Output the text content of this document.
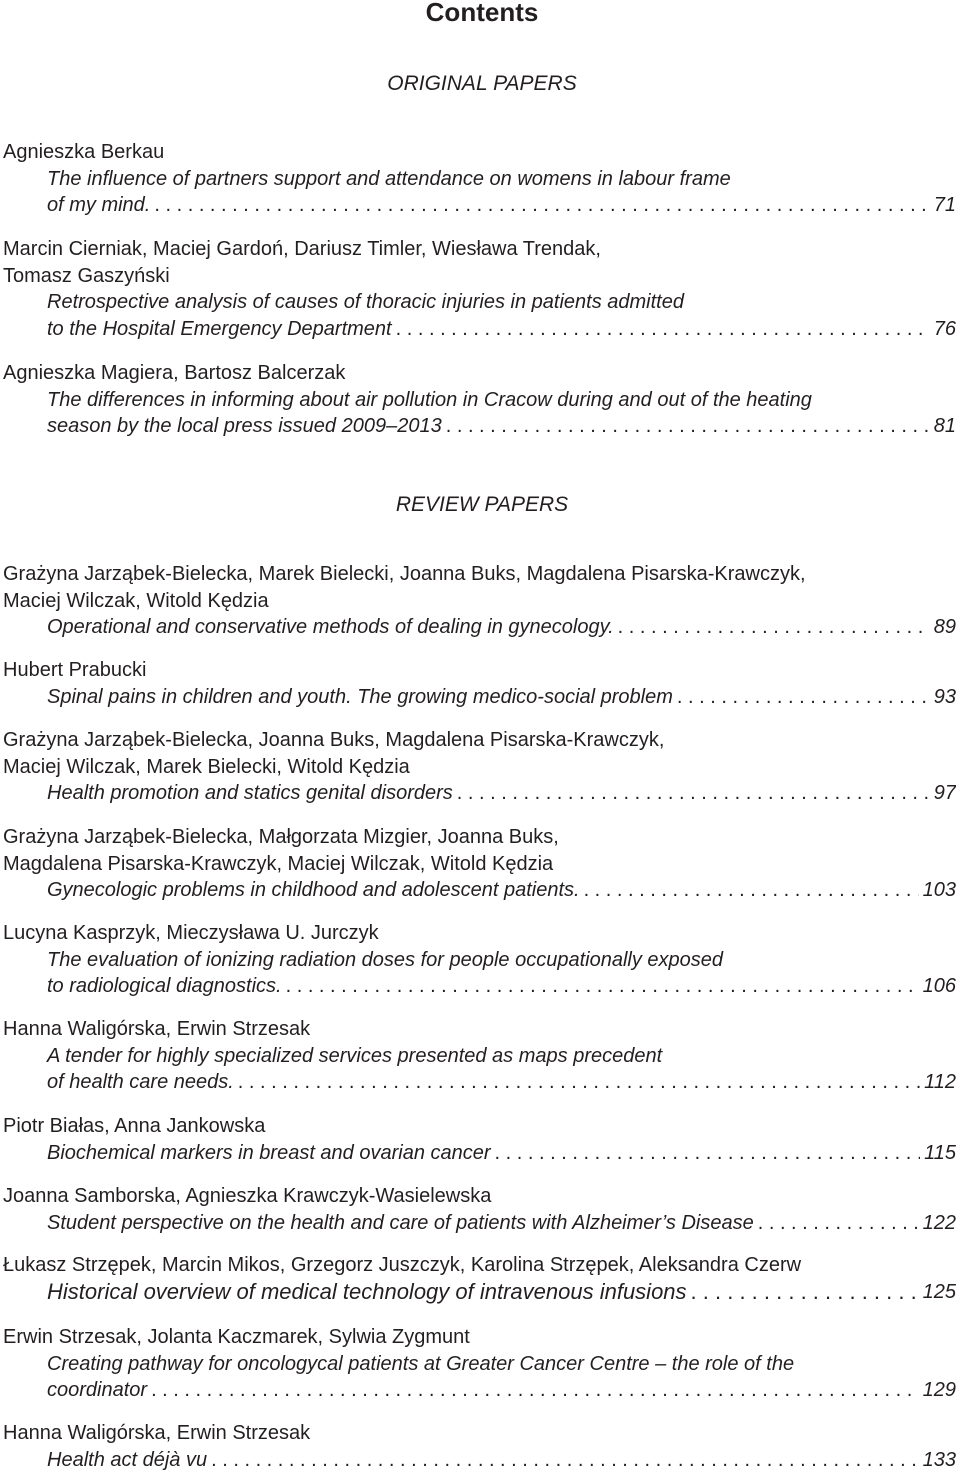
Contents
ORIGINAL PAPERS
Agnieszka Berkau
The influence of partners support and attendance on womens in labour frame
of my mind. . . .	71
Marcin Cierniak, Maciej Gardoń, Dariusz Timler, Wiesława Trendak,
Tomasz Gaszyński
Retrospective analysis of causes of thoracic injuries in patients admitted
to the Hospital Emergency Department . . .	76
Agnieszka Magiera, Bartosz Balcerzak
The differences in informing about air pollution in Cracow during and out of the heating
season by the local press issued 2009–2013 . . .	81
REVIEW PAPERS
Grażyna Jarząbek-Bielecka, Marek Bielecki, Joanna Buks, Magdalena Pisarska-Krawczyk,
Maciej Wilczak, Witold Kędzia
Operational and conservative methods of dealing in gynecology. . . .	89
Hubert Prabucki
Spinal pains in children and youth. The growing medico-social problem . . .	93
Grażyna Jarząbek-Bielecka, Joanna Buks, Magdalena Pisarska-Krawczyk,
Maciej Wilczak, Marek Bielecki, Witold Kędzia
Health promotion and statics genital disorders . . .	97
Grażyna Jarząbek-Bielecka, Małgorzata Mizgier, Joanna Buks,
Magdalena Pisarska-Krawczyk, Maciej Wilczak, Witold Kędzia
Gynecologic problems in childhood and adolescent patients. . . .	103
Lucyna Kasprzyk, Mieczysława U. Jurczyk
The evaluation of ionizing radiation doses for people occupationally exposed
to radiological diagnostics. . . .	106
Hanna Waligórska, Erwin Strzesak
A tender for highly specialized services presented as maps precedent
of health care needs. . . .	112
Piotr Białas, Anna Jankowska
Biochemical markers in breast and ovarian cancer . . .	115
Joanna Samborska, Agnieszka Krawczyk-Wasielewska
Student perspective on the health and care of patients with Alzheimer’s Disease . . .	122
Łukasz Strzępek, Marcin Mikos, Grzegorz Juszczyk, Karolina Strzępek, Aleksandra Czerw
Historical overview of medical technology of intravenous infusions . . .	125
Erwin Strzesak, Jolanta Kaczmarek, Sylwia Zygmunt
Creating pathway for oncologycal patients at Greater Cancer Centre – the role of the
coordinator . . .	129
Hanna Waligórska, Erwin Strzesak
Health act déjà vu . . .	133
